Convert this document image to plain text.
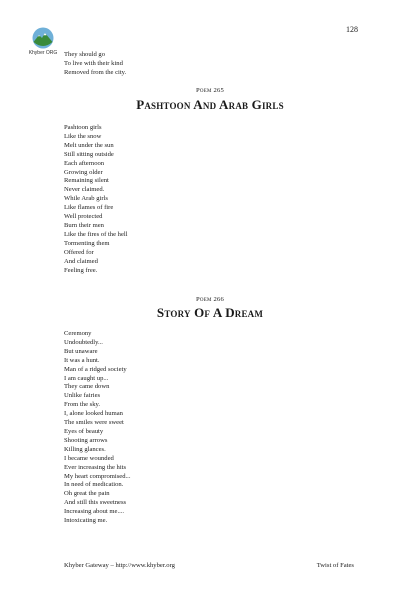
128
Khyber ORG	They should go
To live with their kind
Removed from the city.
Poem 265
Pashtoon And Arab Girls
Pashtoon girls
Like the snow
Melt under the sun
Still sitting outside
Each afternoon
Growing older
Remaining silent
Never claimed.
While Arab girls
Like flames of fire
Well protected
Burn their men
Like the fires of the hell
Tormenting them
Offered for
And claimed
Feeling free.
Poem 266
Story Of A Dream
Ceremony
Undoubtedly...
But unaware
It was a hunt.
Man of a ridged society
I am caught up...
They came down
Unlike fairies
From the sky.
I, alone looked human
The smiles were sweet
Eyes of beauty
Shooting arrows
Killing glances.
I became wounded
Ever increasing the hits
My heart compromised...
In need of medication.
Oh great the pain
And still this sweetness
Increasing about me....
Intoxicating me.
Khyber Gateway – http://www.khyber.org	Twist of Fates
